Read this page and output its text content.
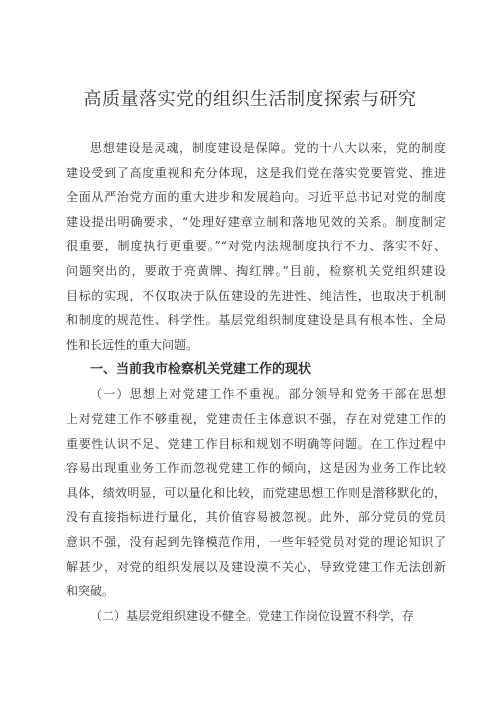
高质量落实党的组织生活制度探索与研究
思想建设是灵魂，制度建设是保障。党的十八大以来，党的制度
建设受到了高度重视和充分体现，这是我们党在落实党要管党、推进
全面从严治党方面的重大进步和发展趋向。习近平总书记对党的制度
建设提出明确要求，“处理好建章立制和落地见效的关系。制度制定
很重要，制度执行更重要。”“对党内法规制度执行不力、落实不好、
问题突出的，要敢于亮黄牌、掏红牌。”目前，检察机关党组织建设
目标的实现，不仅取决于队伍建设的先进性、纯洁性，也取决于机制
和制度的规范性、科学性。基层党组织制度建设是具有根本性、全局
性和长远性的重大问题。
一、当前我市检察机关党建工作的现状
（一）思想上对党建工作不重视。部分领导和党务干部在思想
上对党建工作不够重视，党建责任主体意识不强，存在对党建工作的
重要性认识不足、党建工作目标和规划不明确等问题。在工作过程中
容易出现重业务工作而忽视党建工作的倾向，这是因为业务工作比较
具体，绩效明显，可以量化和比较，而党建思想工作则是潜移默化的，
没有直接指标进行量化，其价值容易被忽视。此外，部分党员的党员
意识不强，没有起到先锋模范作用，一些年轻党员对党的理论知识了
解甚少，对党的组织发展以及建设漠不关心，导致党建工作无法创新
和突破。
（二）基层党组织建设不健全。党建工作岗位设置不科学，存
